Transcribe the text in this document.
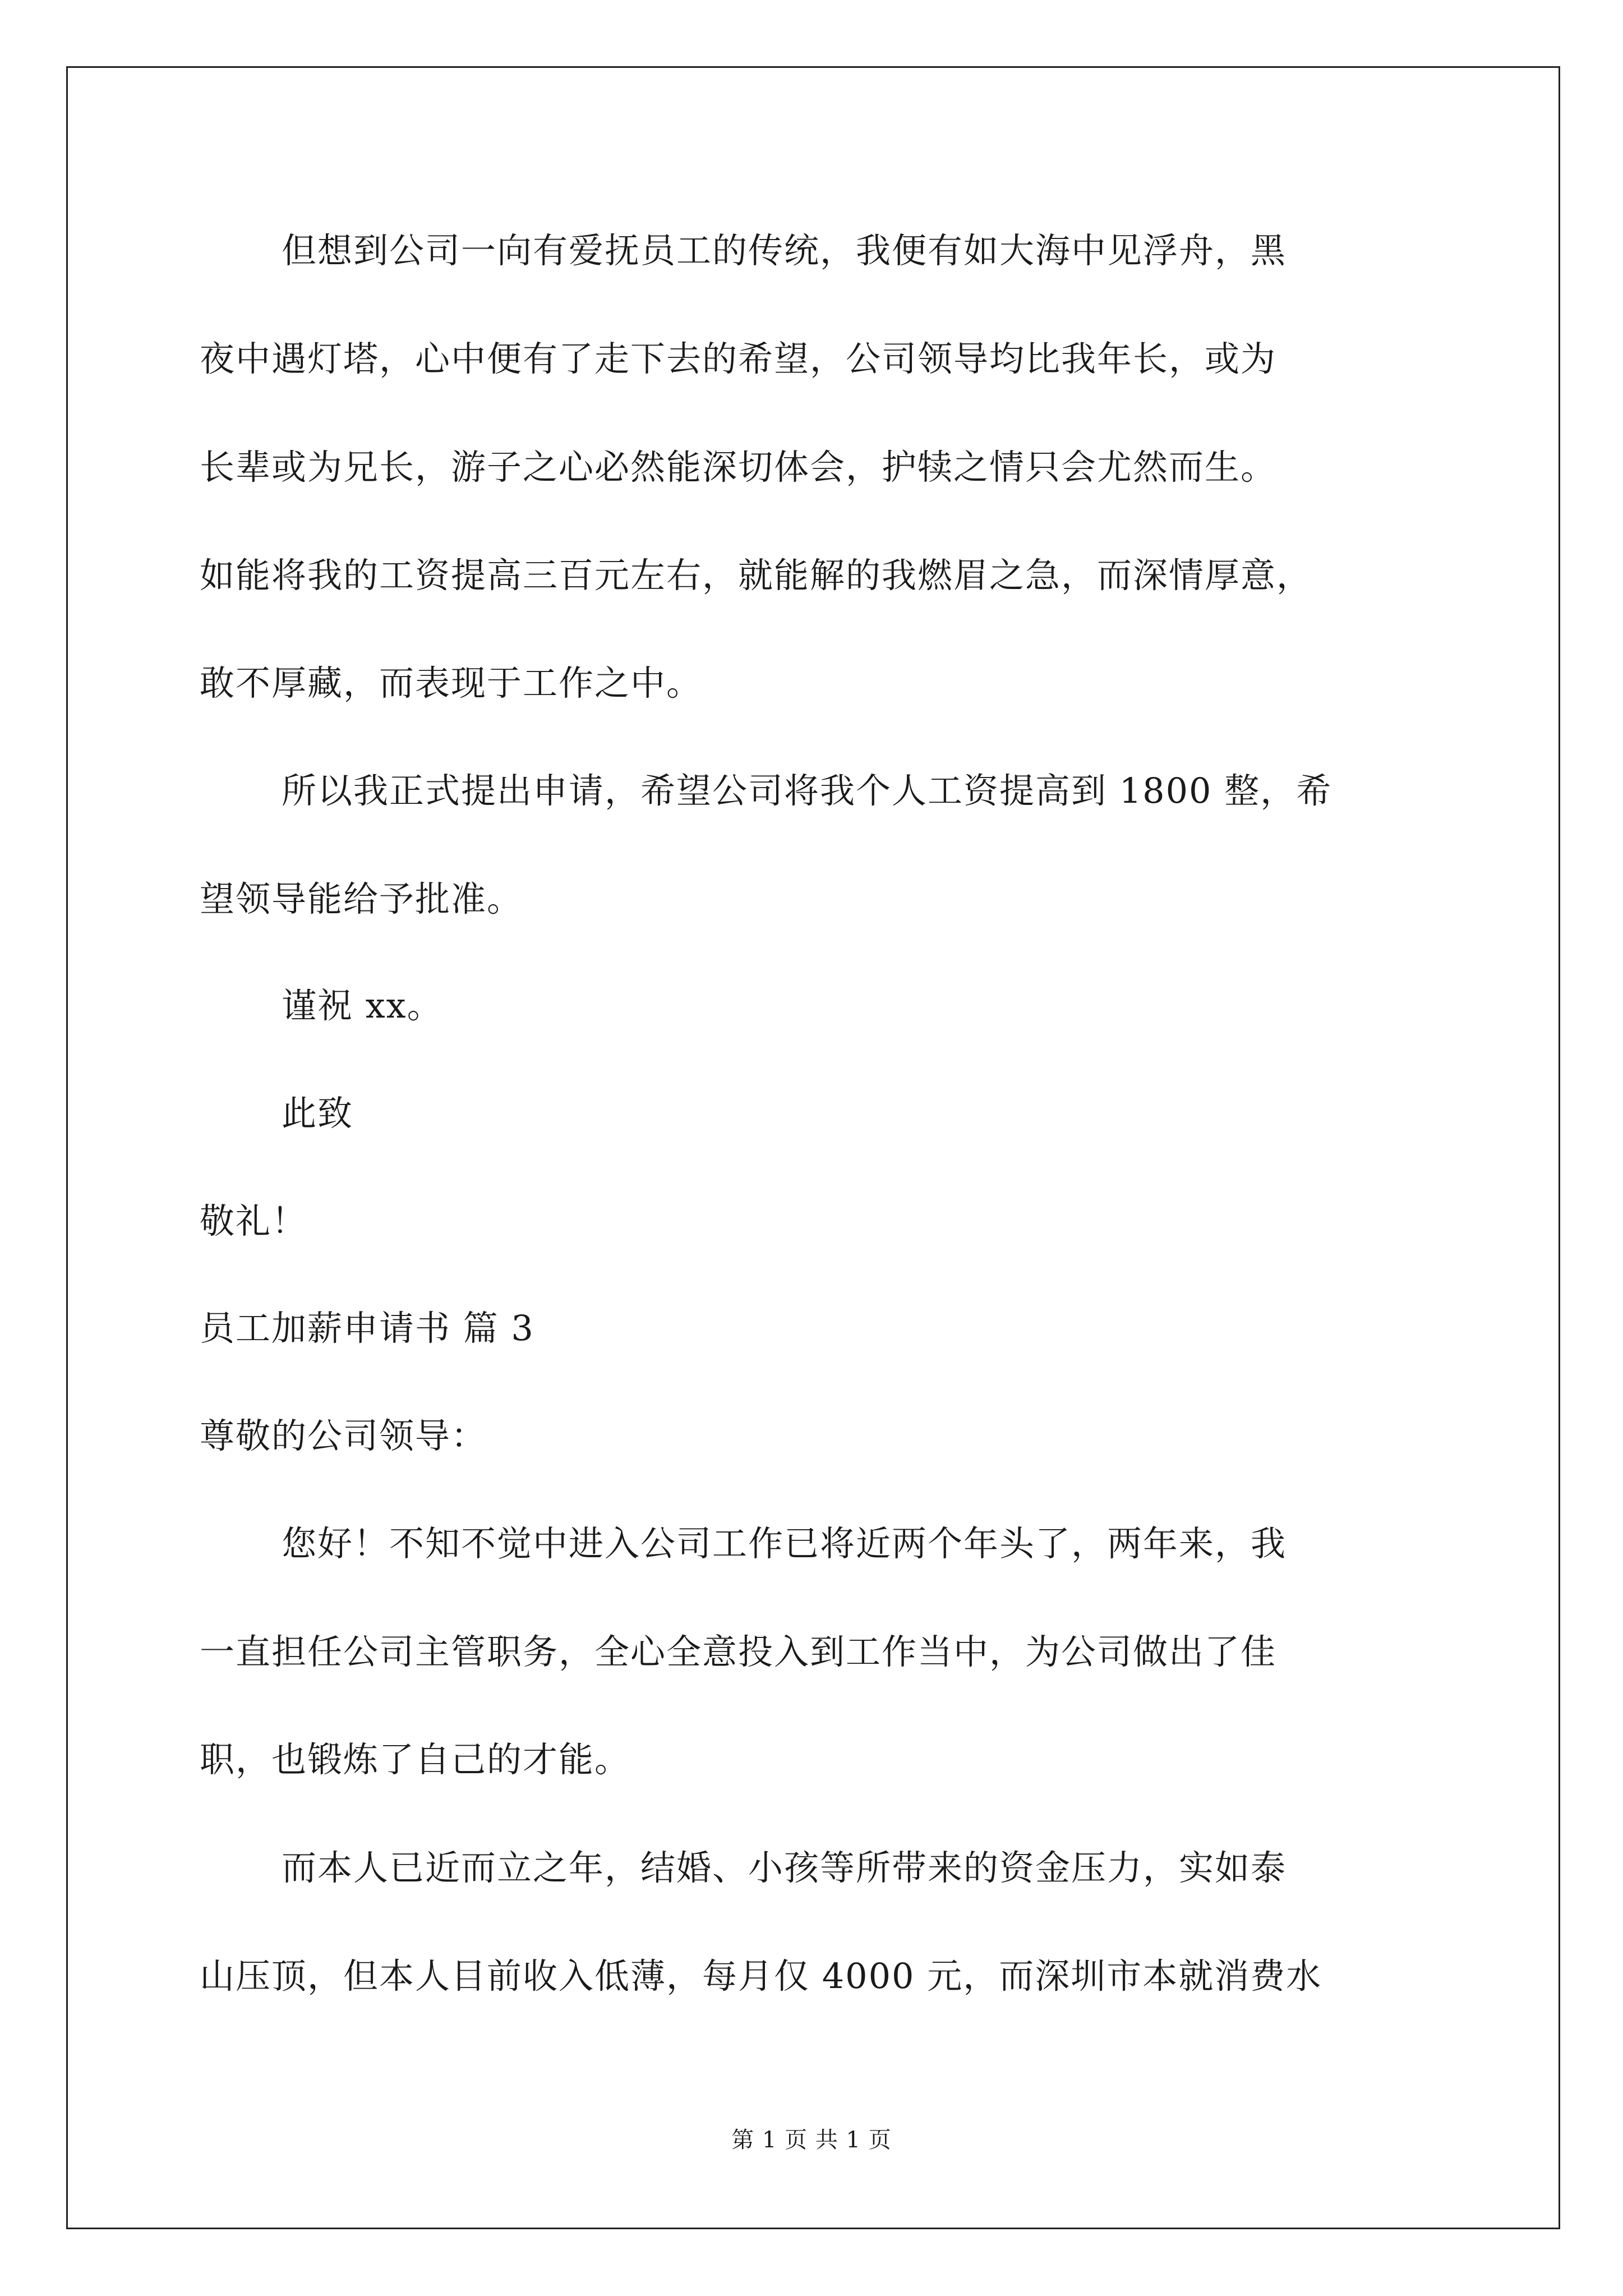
但想到公司一向有爱抚员工的传统，我便有如大海中见浮舟，黑
夜中遇灯塔，心中便有了走下去的希望，公司领导均比我年长，或为
长辈或为兄长，游子之心必然能深切体会，护犊之情只会尤然而生。
如能将我的工资提高三百元左右，就能解的我燃眉之急，而深情厚意，
敢不厚藏，而表现于工作之中。
所以我正式提出申请，希望公司将我个人工资提高到 1800 整，希
望领导能给予批准。
谨祝 xx。
此致
敬礼！
员工加薪申请书 篇 3
尊敬的公司领导：
您好！不知不觉中进入公司工作已将近两个年头了，两年来，我
一直担任公司主管职务，全心全意投入到工作当中，为公司做出了佳
职，也锻炼了自己的才能。
而本人已近而立之年，结婚、小孩等所带来的资金压力，实如泰
山压顶，但本人目前收入低薄，每月仅 4000 元，而深圳市本就消费水
第 1 页 共 1 页
